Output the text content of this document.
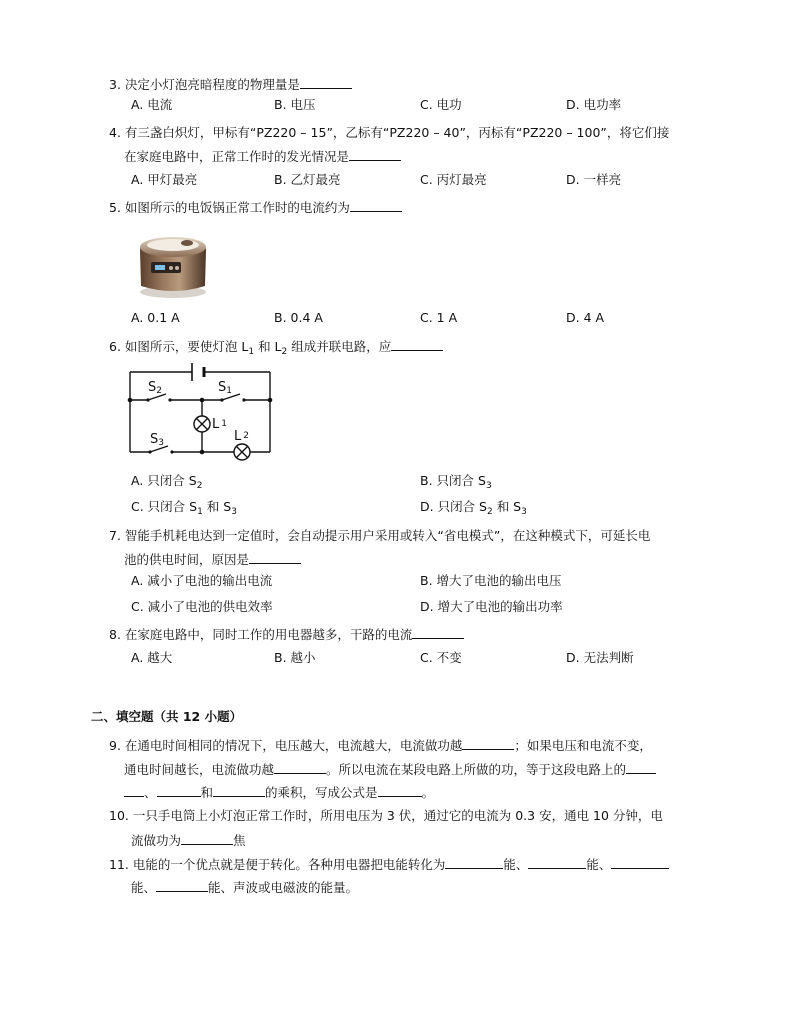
3. 决定小灯泡亮暗程度的物理量是
A. 电流	B. 电压	C. 电功	D. 电功率
4. 有三盏白炽灯，甲标有“PZ220 – 15”，乙标有“PZ220 – 40”，丙标有“PZ220 – 100”，将它们接
在家庭电路中，正常工作时的发光情况是
A. 甲灯最亮	B. 乙灯最亮	C. 丙灯最亮	D. 一样亮
5. 如图所示的电饭锅正常工作时的电流约为
A. 0.1 A	B. 0.4 A	C. 1 A	D. 4 A
6. 如图所示，要使灯泡 $L_1$ 和 $L_2$ 组成并联电路，应
S2	S1
L 1
L 2
S3
A. 只闭合 $S_2$	B. 只闭合 $S_3$
C. 只闭合 $S_1$ 和 $S_3$	D. 只闭合 $S_2$ 和 $S_3$
7. 智能手机耗电达到一定值时，会自动提示用户采用或转入“省电模式”，在这种模式下，可延长电
池的供电时间，原因是
A. 减小了电池的输出电流	B. 增大了电池的输出电压
C. 减小了电池的供电效率	D. 增大了电池的输出功率
8. 在家庭电路中，同时工作的用电器越多，干路的电流
A. 越大	B. 越小	C. 不变	D. 无法判断
二、填空题（共 12 小题）
9. 在通电时间相同的情况下，电压越大，电流越大，电流做功越	；如果电压和电流不变，
通电时间越长，电流做功越	。所以电流在某段电路上所做的功，等于这段电路上的
、	和	的乘积，写成公式是	。
10. 一只手电筒上小灯泡正常工作时，所用电压为 3 伏，通过它的电流为 0.3 安，通电 10 分钟，电
流做功为	焦
11. 电能的一个优点就是便于转化。各种用电器把电能转化为	能、	能、
能、	能、声波或电磁波的能量。
